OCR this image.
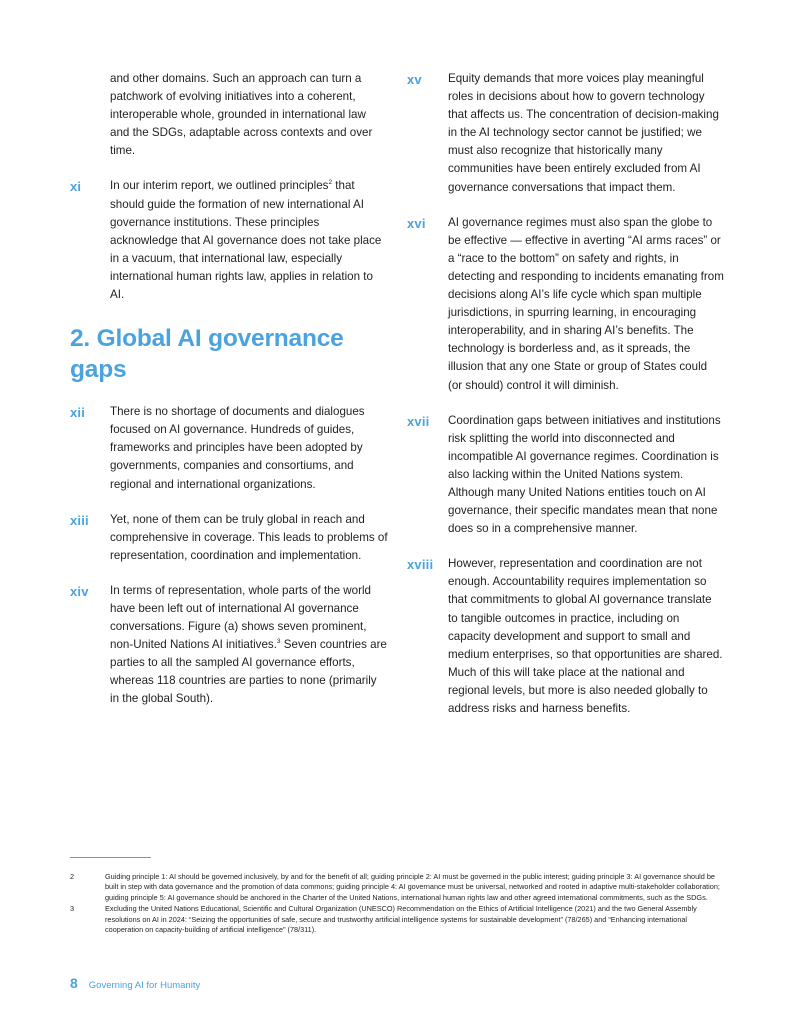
and other domains. Such an approach can turn a patchwork of evolving initiatives into a coherent, interoperable whole, grounded in international law and the SDGs, adaptable across contexts and over time.
xi In our interim report, we outlined principles$^2$ that should guide the formation of new international AI governance institutions. These principles acknowledge that AI governance does not take place in a vacuum, that international law, especially international human rights law, applies in relation to AI.
2. Global AI governance gaps
xii There is no shortage of documents and dialogues focused on AI governance. Hundreds of guides, frameworks and principles have been adopted by governments, companies and consortiums, and regional and international organizations.
xiii Yet, none of them can be truly global in reach and comprehensive in coverage. This leads to problems of representation, coordination and implementation.
xiv In terms of representation, whole parts of the world have been left out of international AI governance conversations. Figure (a) shows seven prominent, non-United Nations AI initiatives.$^3$ Seven countries are parties to all the sampled AI governance efforts, whereas 118 countries are parties to none (primarily in the global South).
xv Equity demands that more voices play meaningful roles in decisions about how to govern technology that affects us. The concentration of decision-making in the AI technology sector cannot be justified; we must also recognize that historically many communities have been entirely excluded from AI governance conversations that impact them.
xvi AI governance regimes must also span the globe to be effective — effective in averting “AI arms races” or a “race to the bottom” on safety and rights, in detecting and responding to incidents emanating from decisions along AI’s life cycle which span multiple jurisdictions, in spurring learning, in encouraging interoperability, and in sharing AI’s benefits. The technology is borderless and, as it spreads, the illusion that any one State or group of States could (or should) control it will diminish.
xvii Coordination gaps between initiatives and institutions risk splitting the world into disconnected and incompatible AI governance regimes. Coordination is also lacking within the United Nations system. Although many United Nations entities touch on AI governance, their specific mandates mean that none does so in a comprehensive manner.
xviii However, representation and coordination are not enough. Accountability requires implementation so that commitments to global AI governance translate to tangible outcomes in practice, including on capacity development and support to small and medium enterprises, so that opportunities are shared. Much of this will take place at the national and regional levels, but more is also needed globally to address risks and harness benefits.
2	Guiding principle 1: AI should be governed inclusively, by and for the benefit of all; guiding principle 2: AI must be governed in the public interest; guiding principle 3: AI governance should be built in step with data governance and the promotion of data commons; guiding principle 4: AI governance must be universal, networked and rooted in adaptive multi-stakeholder collaboration; guiding principle 5: AI governance should be anchored in the Charter of the United Nations, international human rights law and other agreed international commitments, such as the SDGs.
3	Excluding the United Nations Educational, Scientific and Cultural Organization (UNESCO) Recommendation on the Ethics of Artificial Intelligence (2021) and the two General Assembly resolutions on AI in 2024: “Seizing the opportunities of safe, secure and trustworthy artificial intelligence systems for sustainable development” (78/265) and “Enhancing international cooperation on capacity-building of artificial intelligence” (78/311).
8 Governing AI for Humanity
